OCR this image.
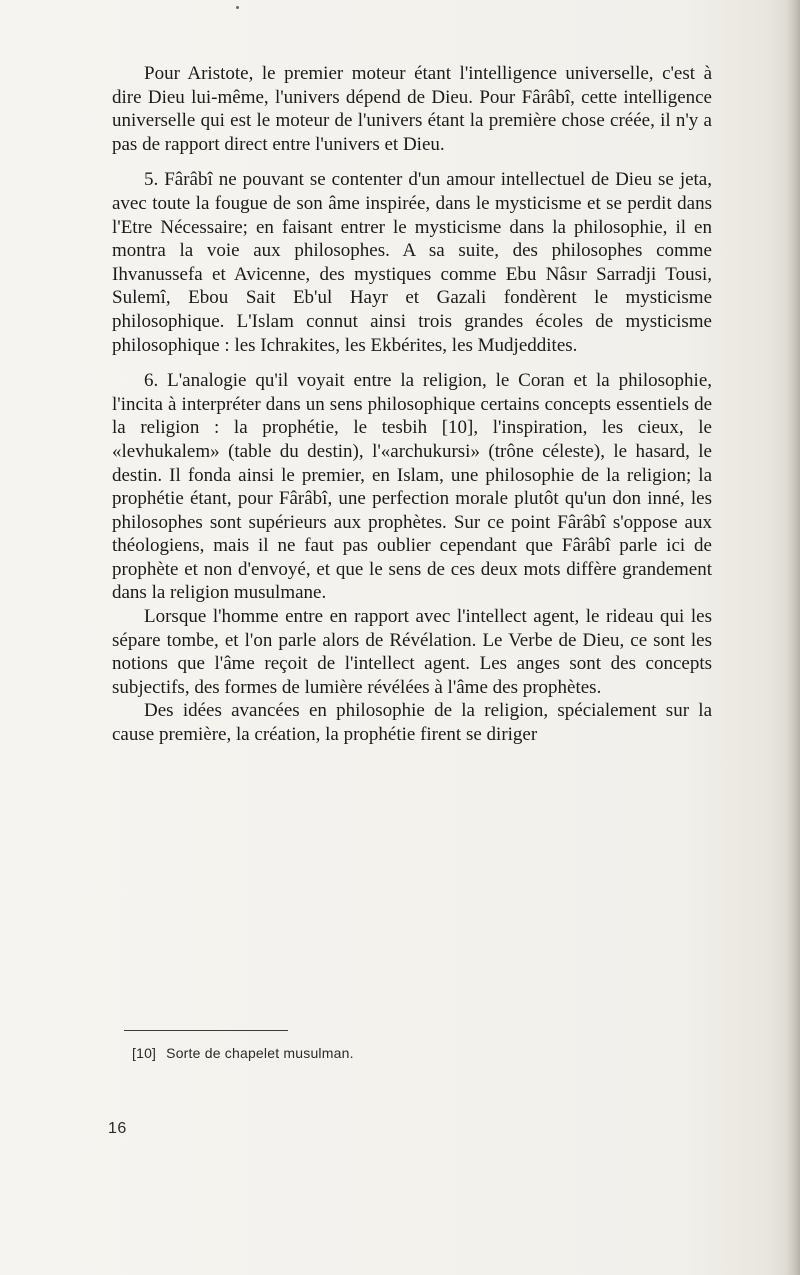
Pour Aristote, le premier moteur étant l'intelligence universelle, c'est à dire Dieu lui-même, l'univers dépend de Dieu. Pour Fârâbî, cette intelligence universelle qui est le moteur de l'univers étant la première chose créée, il n'y a pas de rapport direct entre l'univers et Dieu.

5. Fârâbî ne pouvant se contenter d'un amour intellectuel de Dieu se jeta, avec toute la fougue de son âme inspirée, dans le mysticisme et se perdit dans l'Etre Nécessaire; en faisant entrer le mysticisme dans la philosophie, il en montra la voie aux philosophes. A sa suite, des philosophes comme Ihvanussefa et Avicenne, des mystiques comme Ebu Nâsır Sarradji Tousi, Sulemî, Ebou Sait Eb'ul Hayr et Gazali fondèrent le mysticisme philosophique. L'Islam connut ainsi trois grandes écoles de mysticisme philosophique : les Ichrakites, les Ekbérites, les Mudjeddites.

6. L'analogie qu'il voyait entre la religion, le Coran et la philosophie, l'incita à interpréter dans un sens philosophique certains concepts essentiels de la religion : la prophétie, le tesbih [10], l'inspiration, les cieux, le «levhukalem» (table du destin), l'«archukursi» (trône céleste), le hasard, le destin. Il fonda ainsi le premier, en Islam, une philosophie de la religion; la prophétie étant, pour Fârâbî, une perfection morale plutôt qu'un don inné, les philosophes sont supérieurs aux prophètes. Sur ce point Fârâbî s'oppose aux théologiens, mais il ne faut pas oublier cependant que Fârâbî parle ici de prophète et non d'envoyé, et que le sens de ces deux mots diffère grandement dans la religion musulmane.

Lorsque l'homme entre en rapport avec l'intellect agent, le rideau qui les sépare tombe, et l'on parle alors de Révélation. Le Verbe de Dieu, ce sont les notions que l'âme reçoit de l'intellect agent. Les anges sont des concepts subjectifs, des formes de lumière révélées à l'âme des prophètes.

Des idées avancées en philosophie de la religion, spécialement sur la cause première, la création, la prophétie firent se diriger

[10] Sorte de chapelet musulman.
16
